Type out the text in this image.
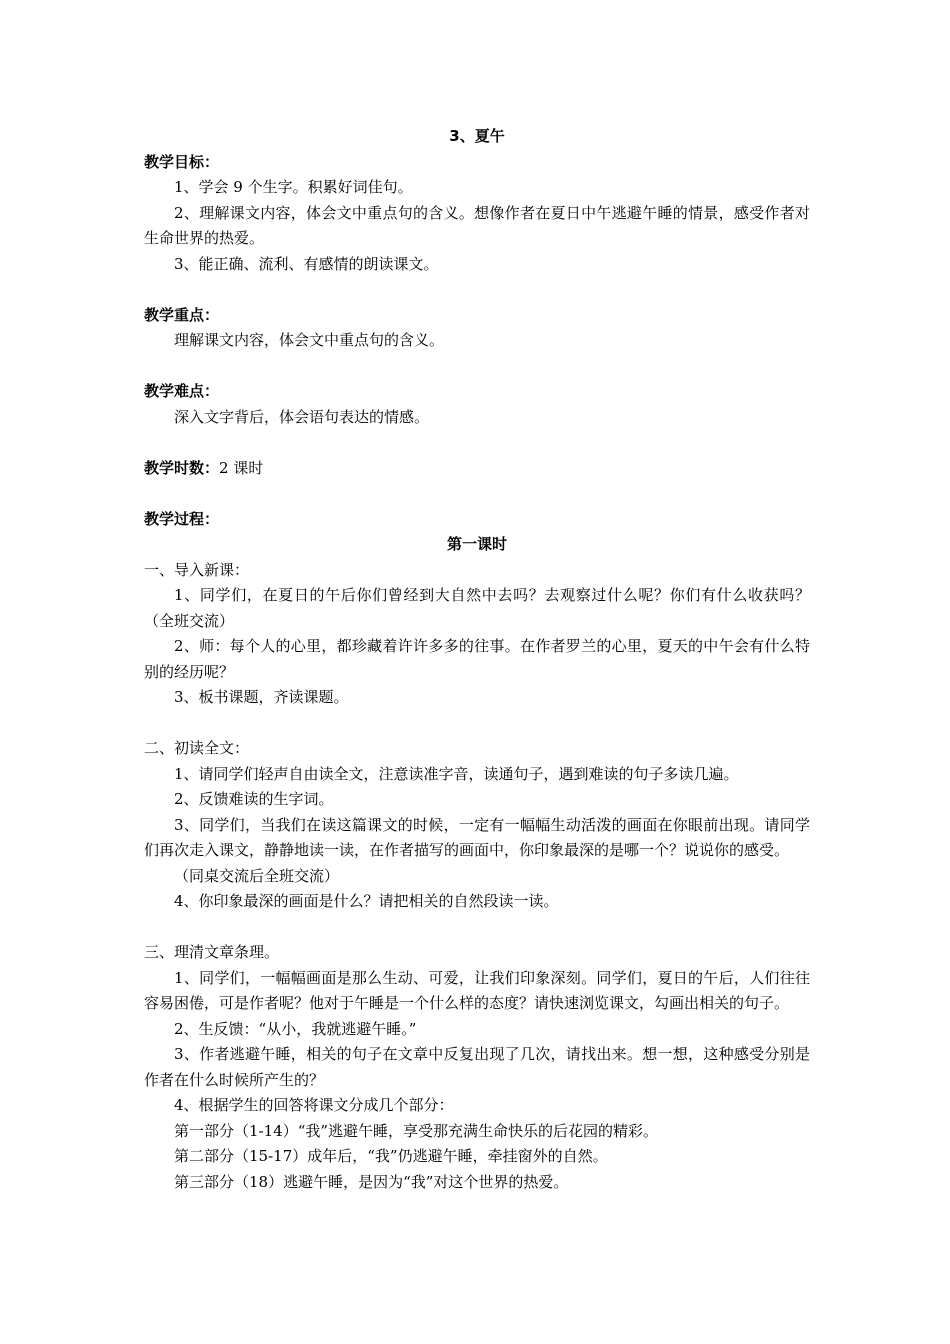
3、夏午
教学目标：
1、学会 9 个生字。积累好词佳句。
2、理解课文内容，体会文中重点句的含义。想像作者在夏日中午逃避午睡的情景，感受作者对生命世界的热爱。
3、能正确、流利、有感情的朗读课文。
教学重点：
理解课文内容，体会文中重点句的含义。
教学难点：
深入文字背后，体会语句表达的情感。
教学时数：2 课时
教学过程：
第一课时
一、导入新课：
1、同学们，在夏日的午后你们曾经到大自然中去吗？去观察过什么呢？你们有什么收获吗？（全班交流）
2、师：每个人的心里，都珍藏着许许多多的往事。在作者罗兰的心里，夏天的中午会有什么特别的经历呢？
3、板书课题，齐读课题。
二、初读全文：
1、请同学们轻声自由读全文，注意读准字音，读通句子，遇到难读的句子多读几遍。
2、反馈难读的生字词。
3、同学们，当我们在读这篇课文的时候，一定有一幅幅生动活泼的画面在你眼前出现。请同学们再次走入课文，静静地读一读，在作者描写的画面中，你印象最深的是哪一个？说说你的感受。
（同桌交流后全班交流）
4、你印象最深的画面是什么？请把相关的自然段读一读。
三、理清文章条理。
1、同学们，一幅幅画面是那么生动、可爱，让我们印象深刻。同学们，夏日的午后，人们往往容易困倦，可是作者呢？他对于午睡是一个什么样的态度？请快速浏览课文，勾画出相关的句子。
2、生反馈：“从小，我就逃避午睡。”
3、作者逃避午睡，相关的句子在文章中反复出现了几次，请找出来。想一想，这种感受分别是作者在什么时候所产生的？
4、根据学生的回答将课文分成几个部分：
第一部分（1-14）“我”逃避午睡，享受那充满生命快乐的后花园的精彩。
第二部分（15-17）成年后，“我”仍逃避午睡，牵挂窗外的自然。
第三部分（18）逃避午睡，是因为“我”对这个世界的热爱。
